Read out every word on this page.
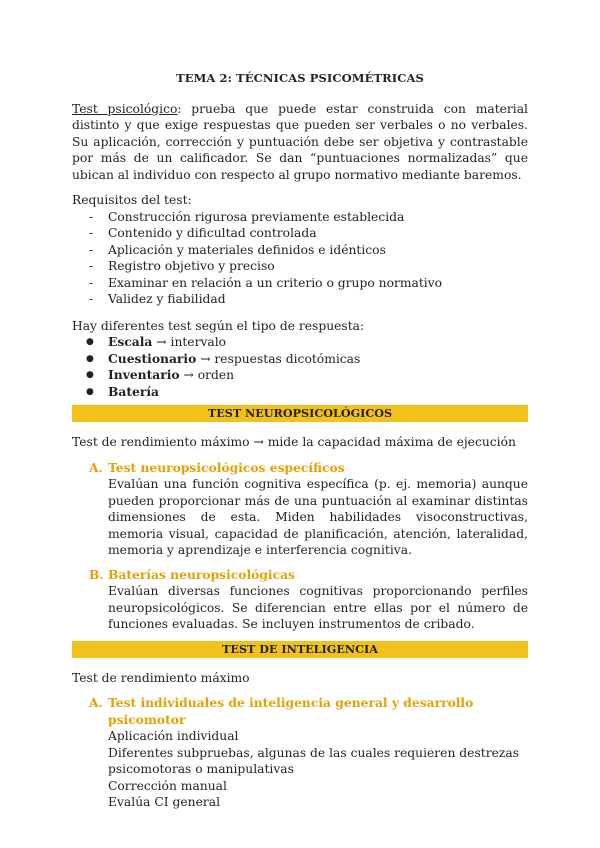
TEMA 2: TÉCNICAS PSICOMÉTRICAS

Test psicológico: prueba que puede estar construida con material distinto y que exige respuestas que pueden ser verbales o no verbales. Su aplicación, corrección y puntuación debe ser objetiva y contrastable por más de un calificador. Se dan “puntuaciones normalizadas” que ubican al individuo con respecto al grupo normativo mediante baremos.

Requisitos del test:
- Construcción rigurosa previamente establecida
- Contenido y dificultad controlada
- Aplicación y materiales definidos e idénticos
- Registro objetivo y preciso
- Examinar en relación a un criterio o grupo normativo
- Validez y fiabilidad
Hay diferentes test según el tipo de respuesta:
● Escala → intervalo
● Cuestionario → respuestas dicotómicas
● Inventario → orden
● Batería
TEST NEUROPSICOLÓGICOS

Test de rendimiento máximo → mide la capacidad máxima de ejecución

A. Test neuropsicológicos específicos
Evalúan una función cognitiva específica (p. ej. memoria) aunque pueden proporcionar más de una puntuación al examinar distintas dimensiones de esta. Miden habilidades visoconstructivas, memoria visual, capacidad de planificación, atención, lateralidad, memoria y aprendizaje e interferencia cognitiva.
B. Baterías neuropsicológicas
Evalúan diversas funciones cognitivas proporcionando perfiles neuropsicológicos. Se diferencian entre ellas por el número de funciones evaluadas. Se incluyen instrumentos de cribado.
TEST DE INTELIGENCIA

Test de rendimiento máximo

A. Test individuales de inteligencia general y desarrollo psicomotor
Aplicación individual
Diferentes subpruebas, algunas de las cuales requieren destrezas psicomotoras o manipulativas
Corrección manual
Evalúa CI general
